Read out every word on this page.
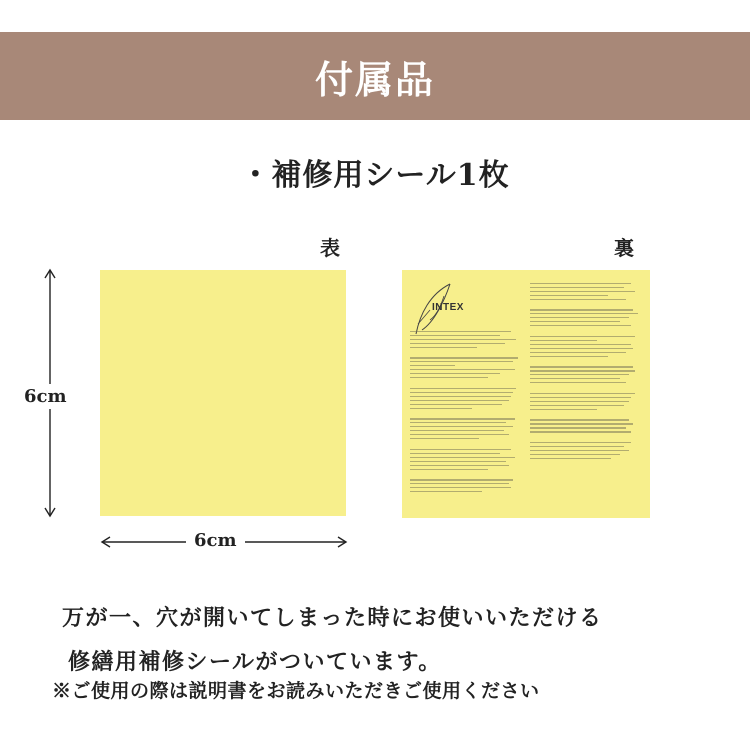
付属品
・補修用シール1枚
表	裏
6cm
INTEX
6cm
万が一、穴が開いてしまった時にお使いいただける
修繕用補修シールがついています。
※ご使用の際は説明書をお読みいただきご使用ください
